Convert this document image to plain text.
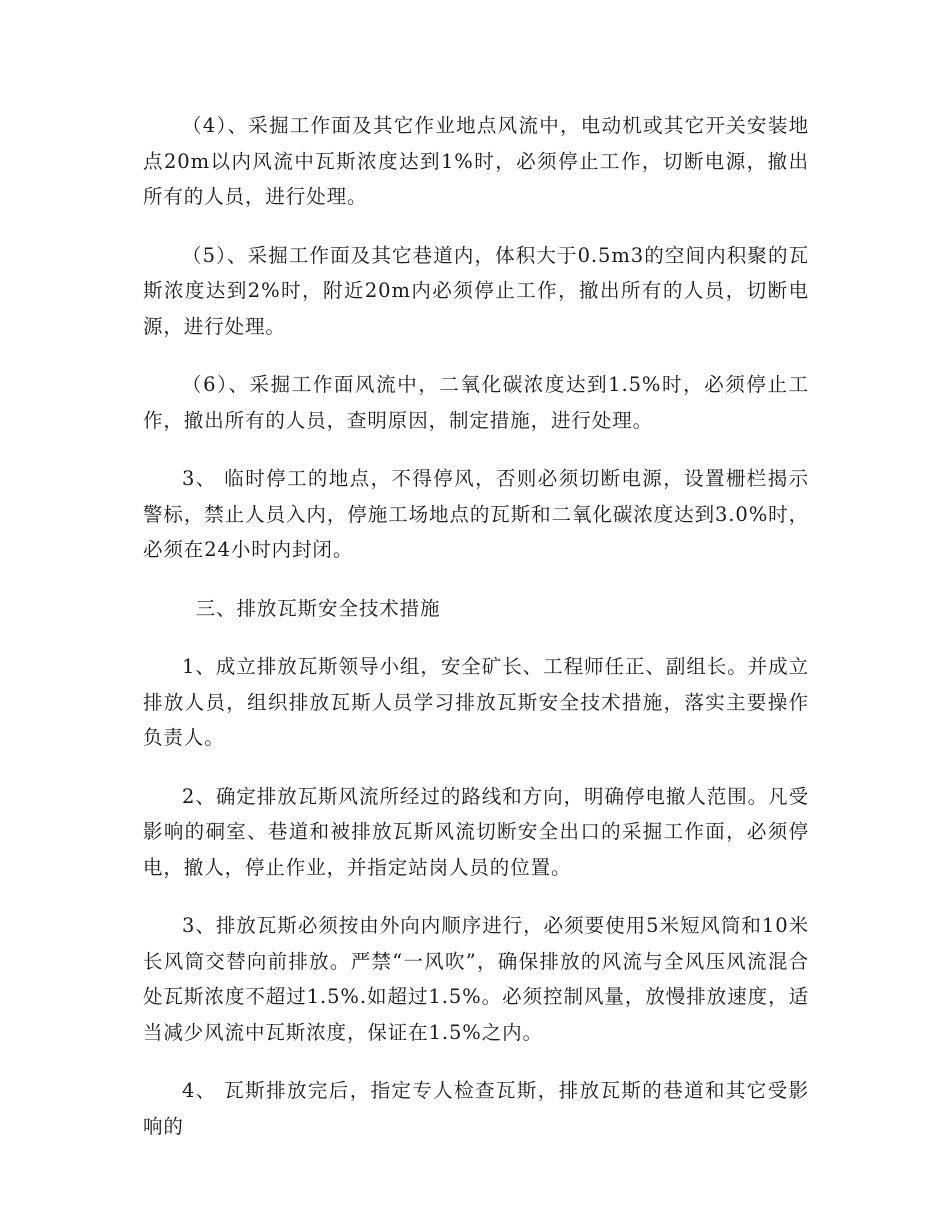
（4）、采掘工作面及其它作业地点风流中，电动机或其它开关安装地点20m以内风流中瓦斯浓度达到1%时，必须停止工作，切断电源，撤出所有的人员，进行处理。

（5）、采掘工作面及其它巷道内，体积大于0.5m3的空间内积聚的瓦斯浓度达到2%时，附近20m内必须停止工作，撤出所有的人员，切断电源，进行处理。

（6）、采掘工作面风流中，二氧化碳浓度达到1.5%时，必须停止工作，撤出所有的人员，查明原因，制定措施，进行处理。

3、 临时停工的地点，不得停风，否则必须切断电源，设置栅栏揭示警标，禁止人员入内，停施工场地点的瓦斯和二氧化碳浓度达到3.0%时，必须在24小时内封闭。

三、排放瓦斯安全技术措施

1、成立排放瓦斯领导小组，安全矿长、工程师任正、副组长。并成立排放人员，组织排放瓦斯人员学习排放瓦斯安全技术措施，落实主要操作负责人。

2、确定排放瓦斯风流所经过的路线和方向，明确停电撤人范围。凡受影响的硐室、巷道和被排放瓦斯风流切断安全出口的采掘工作面，必须停电，撤人，停止作业，并指定站岗人员的位置。

3、排放瓦斯必须按由外向内顺序进行，必须要使用5米短风筒和10米长风筒交替向前排放。严禁“一风吹”，确保排放的风流与全风压风流混合处瓦斯浓度不超过1.5%.如超过1.5%。必须控制风量，放慢排放速度，适当减少风流中瓦斯浓度，保证在1.5%之内。

4、 瓦斯排放完后，指定专人检查瓦斯，排放瓦斯的巷道和其它受影响的
